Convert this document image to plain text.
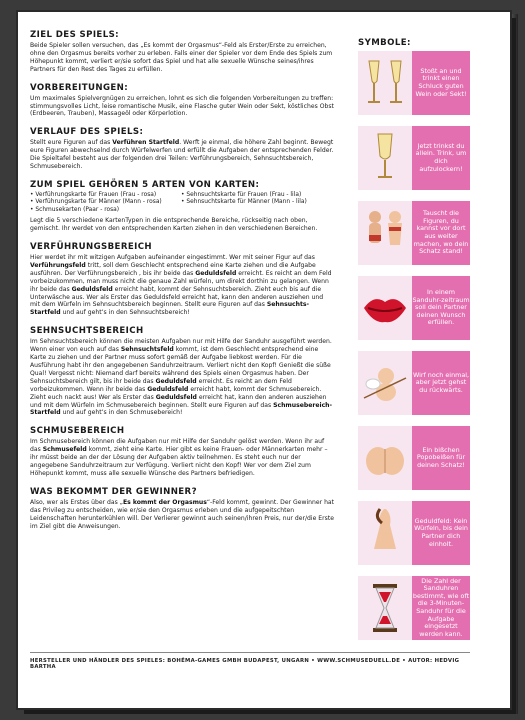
ZIEL DES SPIELS:

Beide Spieler sollen versuchen, das „Es kommt der Orgasmus“-Feld als Erster/Erste zu erreichen, ohne den Orgasmus bereits vorher zu erleben. Falls einer der Spieler vor dem Ende des Spiels zum Höhepunkt kommt, verliert er/sie sofort das Spiel und hat alle sexuelle Wünsche seines/ihres Partners für den Rest des Tages zu erfüllen.

VORBEREITUNGEN:

Um maximales Spielvergnügen zu erreichen, lohnt es sich die folgenden Vorbereitungen zu treffen: stimmungsvolles Licht, leise romantische Musik, eine Flasche guter Wein oder Sekt, köstliches Obst (Erdbeeren, Trauben), Massageöl oder Körperlotion.

VERLAUF DES SPIELS:

Stellt eure Figuren auf das Verführen Startfeld. Werft je einmal, die höhere Zahl beginnt. Bewegt eure Figuren abwechselnd durch Würfelwerfen und erfüllt die Aufgaben der entsprechenden Felder. Die Spieltafel besteht aus der folgenden drei Teilen: Verführungsbereich, Sehnsuchtsbereich, Schmusebereich.

ZUM SPIEL GEHÖREN 5 ARTEN VON KARTEN:
• Verführungskarte für Frauen (Frau - rosa)	• Sehnsuchtskarte für Frauen (Frau - lila)
• Verführungskarte für Männer (Mann - rosa)	• Sehnsuchtskarte für Männer (Mann - lila)
• Schmusekarten (Paar - rosa)

Legt die 5 verschiedene KartenTypen in die entsprechende Bereiche, rückseitig nach oben, gemischt. Ihr werdet von den entsprechenden Karten ziehen in den verschiedenen Bereichen.

VERFÜHRUNGSBEREICH

Hier werdet ihr mit witzigen Aufgaben aufeinander eingestimmt. Wer mit seiner Figur auf das Verführungsfeld tritt, soll dem Geschlecht entsprechend eine Karte ziehen und die Aufgabe ausführen. Der Verführungsbereich , bis ihr beide das Geduldsfeld erreicht. Es reicht an dem Feld vorbeizukommen, man muss nicht die genaue Zahl würfeln, um direkt dorthin zu gelangen. Wenn ihr beide das Geduldsfeld erreicht habt, kommt der Sehnsuchtsbereich. Zieht euch bis auf die Unterwäsche aus. Wer als Erster das Geduldsfeld erreicht hat, kann den anderen ausziehen und mit dem Würfeln im Sehnsuchtsbereich beginnen. Stellt eure Figuren auf das Sehnsuchts-Startfeld und auf geht’s in den Sehnsuchtsbereich!

SEHNSUCHTSBEREICH

Im Sehnsuchtsbereich können die meisten Aufgaben nur mit Hilfe der Sanduhr ausgeführt werden. Wenn einer von euch auf das Sehnsuchtsfeld kommt, ist dem Geschlecht entsprechend eine Karte zu ziehen und der Partner muss sofort gemäß der Aufgabe liebkost werden. Für die Ausführung habt ihr den angegebenen Sanduhrzeitraum. Verliert nicht den Kopf! Genießt die süße Qual! Vergesst nicht: Niemand darf bereits während des Spiels einen Orgasmus haben. Der Sehnsuchtsbereich gilt, bis ihr beide das Geduldsfeld erreicht. Es reicht an dem Feld vorbeizukommen. Wenn ihr beide das Geduldsfeld erreicht habt, kommt der Schmusebereich. Zieht euch nackt aus! Wer als Erster das Geduldsfeld erreicht hat, kann den anderen ausziehen und mit dem Würfeln im Schmusebereich beginnen. Stellt eure Figuren auf das Schmusebereich-Startfeld und auf geht’s in den Schmusebereich!

SCHMUSEBEREICH

Im Schmusebereich können die Aufgaben nur mit Hilfe der Sanduhr gelöst werden. Wenn ihr auf das Schmusefeld kommt, zieht eine Karte. Hier gibt es keine Frauen- oder Männerkarten mehr – ihr müsst beide an der der Lösung der Aufgaben aktiv teilnehmen. Es steht euch nur der angegebene Sanduhrzeitraum zur Verfügung. Verliert nicht den Kopf! Wer vor dem Ziel zum Höhepunkt kommt, muss alle sexuelle Wünsche des Partners befriedigen.

WAS BEKOMMT DER GEWINNER?

Also, wer als Erstes über das „Es kommt der Orgasmus“-Feld kommt, gewinnt. Der Gewinner hat das Privileg zu entscheiden, wie er/sie den Orgasmus erleben und die aufgepeitschten Leidenschaften herunterkühlen will. Der Verlierer gewinnt auch seinen/ihren Preis, nur der/die Erste im Ziel gibt die Anweisungen.

SYMBOLE:
Stoßt an und trinkt einen Schluck guten Wein oder Sekt!
Jetzt trinkst du allein. Trink, um dich aufzulockern!
Tauscht die Figuren, du kannst vor dort aus weiter machen, wo dein Schatz stand!
In einem Sanduhr-zeitraum soll dein Partner deinen Wunsch erfüllen.
Wirf noch einmal, aber jetzt gehst du rückwärts.
Ein bißchen Popobeißen für deinen Schatz!
Geduldfeld: Kein Würfeln, bis dein Partner dich einholt.
Die Zahl der Sanduhren bestimmt, wie oft die 3-Minuten-Sanduhr für die Aufgabe eingesetzt werden kann.
HERSTELLER UND HÄNDLER DES SPIELES: BOHÉMA-GAMES GMBH BUDAPEST, UNGARN • WWW.SCHMUSEDUELL.DE • AUTOR: HEDVIG BARTHA
